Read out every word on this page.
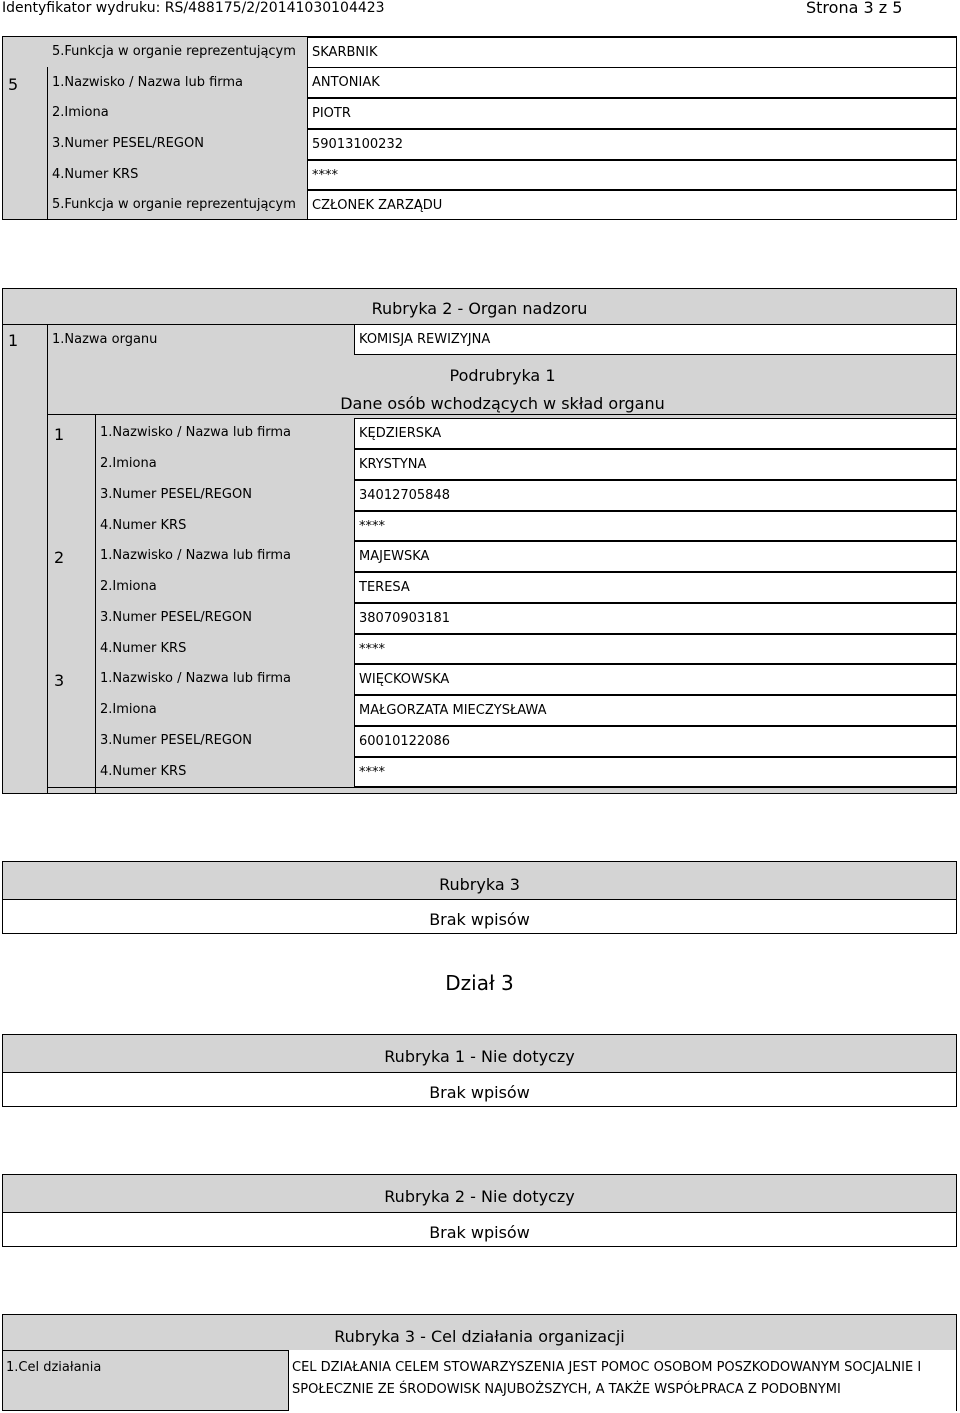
Identyfikator wydruku: RS/488175/2/20141030104423	Strona 3 z 5
5.Funkcja w organie reprezentującym	SKARBNIK
5	1.Nazwisko / Nazwa lub firma	ANTONIAK
2.Imiona	PIOTR
3.Numer PESEL/REGON	59013100232
4.Numer KRS	****
5.Funkcja w organie reprezentującym	CZŁONEK ZARZĄDU
Rubryka 2 - Organ nadzoru
1	1.Nazwa organu	KOMISJA REWIZYJNA
Podrubryka 1
Dane osób wchodzących w skład organu
1	1.Nazwisko / Nazwa lub firma	KĘDZIERSKA
2.Imiona	KRYSTYNA
3.Numer PESEL/REGON	34012705848
4.Numer KRS	****
2	1.Nazwisko / Nazwa lub firma	MAJEWSKA
2.Imiona	TERESA
3.Numer PESEL/REGON	38070903181
4.Numer KRS	****
3	1.Nazwisko / Nazwa lub firma	WIĘCKOWSKA
2.Imiona	MAŁGORZATA MIECZYSŁAWA
3.Numer PESEL/REGON	60010122086
4.Numer KRS	****
Rubryka 3
Brak wpisów
Dział 3
Rubryka 1 - Nie dotyczy
Brak wpisów
Rubryka 2 - Nie dotyczy
Brak wpisów
Rubryka 3 - Cel działania organizacji
1.Cel działania	CEL DZIAŁANIA CELEM STOWARZYSZENIA JEST POMOC OSOBOM POSZKODOWANYM SOCJALNIE I
SPOŁECZNIE ZE ŚRODOWISK NAJUBOŻSZYCH, A TAKŻE WSPÓŁPRACA Z PODOBNYMI
